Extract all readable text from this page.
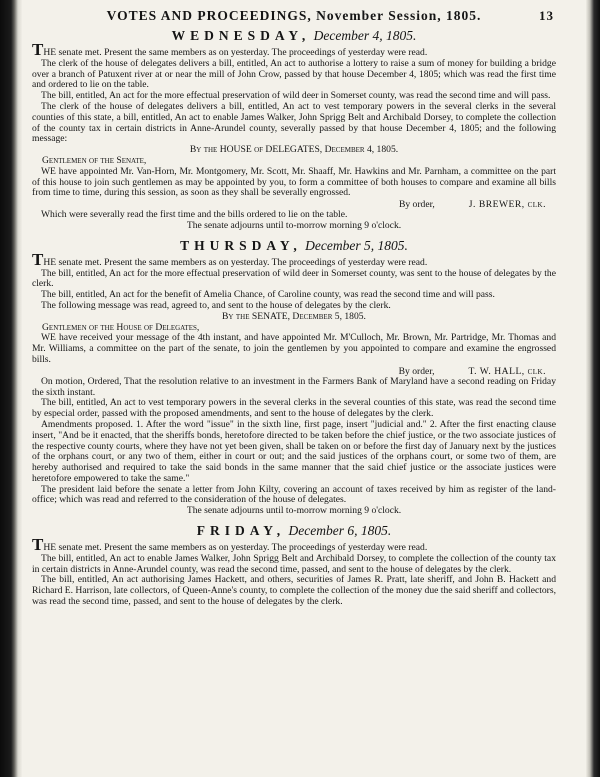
VOTES AND PROCEEDINGS, November Session, 1805.	13
WEDNESDAY, December 4, 1805.

THE senate met. Present the same members as on yesterday. The proceedings of yesterday were read.

The clerk of the house of delegates delivers a bill, entitled, An act to authorise a lottery to raise a sum of money for building a bridge over a branch of Patuxent river at or near the mill of John Crow, passed by that house December 4, 1805; which was read the first time and ordered to lie on the table.

The bill, entitled, An act for the more effectual preservation of wild deer in Somerset county, was read the second time and will pass.

The clerk of the house of delegates delivers a bill, entitled, An act to vest temporary powers in the several clerks in the several counties of this state, a bill, entitled, An act to enable James Walker, John Sprigg Belt and Archibald Dorsey, to complete the collection of the county tax in certain districts in Anne-Arundel county, severally passed by that house December 4, 1805; and the following message:

By the HOUSE of DELEGATES, December 4, 1805.

Gentlemen of the Senate,

WE have appointed Mr. Van-Horn, Mr. Montgomery, Mr. Scott, Mr. Shaaff, Mr. Hawkins and Mr. Parnham, a committee on the part of this house to join such gentlemen as may be appointed by you, to form a committee of both houses to compare and examine all bills from time to time, during this session, as soon as they shall be severally engrossed.

By order,	J. BREWER, clk.

Which were severally read the first time and the bills ordered to lie on the table.

The senate adjourns until to-morrow morning 9 o'clock.

THURSDAY, December 5, 1805.

THE senate met. Present the same members as on yesterday. The proceedings of yesterday were read.

The bill, entitled, An act for the more effectual preservation of wild deer in Somerset county, was sent to the house of delegates by the clerk.

The bill, entitled, An act for the benefit of Amelia Chance, of Caroline county, was read the second time and will pass.

The following message was read, agreed to, and sent to the house of delegates by the clerk.

By the SENATE, December 5, 1805.

Gentlemen of the House of Delegates,

WE have received your message of the 4th instant, and have appointed Mr. M'Culloch, Mr. Brown, Mr. Partridge, Mr. Thomas and Mr. Williams, a committee on the part of the senate, to join the gentlemen by you appointed to compare and examine the engrossed bills.

By order,	T. W. HALL, clk.

On motion, Ordered, That the resolution relative to an investment in the Farmers Bank of Maryland have a second reading on Friday the sixth instant.

The bill, entitled, An act to vest temporary powers in the several clerks in the several counties of this state, was read the second time by especial order, passed with the proposed amendments, and sent to the house of delegates by the clerk.

Amendments proposed. 1. After the word "issue" in the sixth line, first page, insert "judicial and." 2. After the first enacting clause insert, "And be it enacted, that the sheriffs bonds, heretofore directed to be taken before the chief justice, or the two associate justices of the respective county courts, where they have not yet been given, shall be taken on or before the first day of January next by the justices of the orphans court, or any two of them, either in court or out; and the said justices of the orphans court, or some two of them, are hereby authorised and required to take the said bonds in the same manner that the said chief justice or the associate justices were heretofore empowered to take the same."

The president laid before the senate a letter from John Kilty, covering an account of taxes received by him as register of the land-office; which was read and referred to the consideration of the house of delegates.

The senate adjourns until to-morrow morning 9 o'clock.

FRIDAY, December 6, 1805.

THE senate met. Present the same members as on yesterday. The proceedings of yesterday were read.

The bill, entitled, An act to enable James Walker, John Sprigg Belt and Archibald Dorsey, to complete the collection of the county tax in certain districts in Anne-Arundel county, was read the second time, passed, and sent to the house of delegates by the clerk.

The bill, entitled, An act authorising James Hackett, and others, securities of James R. Pratt, late sheriff, and John B. Hackett and Richard E. Harrison, late collectors, of Queen-Anne's county, to complete the collection of the money due the said sheriff and collectors, was read the second time, passed, and sent to the house of delegates by the clerk.
